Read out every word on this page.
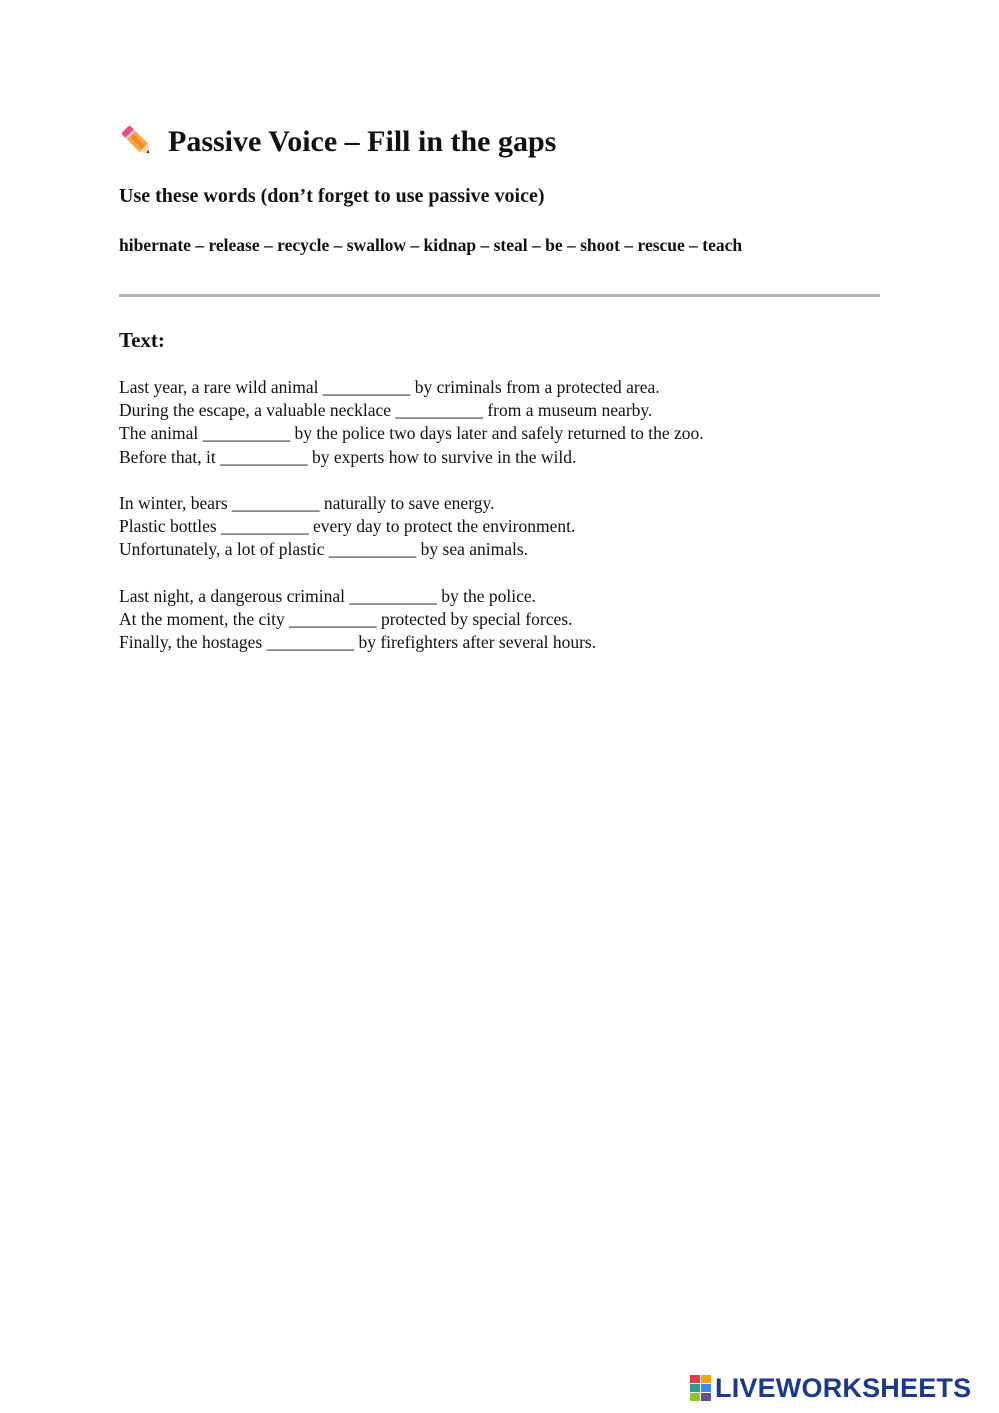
Passive Voice – Fill in the gaps
Use these words (don’t forget to use passive voice)
hibernate – release – recycle – swallow – kidnap – steal – be – shoot – rescue – teach
Text:
Last year, a rare wild animal __________ by criminals from a protected area.
During the escape, a valuable necklace __________ from a museum nearby.
The animal __________ by the police two days later and safely returned to the zoo.
Before that, it __________ by experts how to survive in the wild.
In winter, bears __________ naturally to save energy.
Plastic bottles __________ every day to protect the environment.
Unfortunately, a lot of plastic __________ by sea animals.
Last night, a dangerous criminal __________ by the police.
At the moment, the city __________ protected by special forces.
Finally, the hostages __________ by firefighters after several hours.
LIVEWORKSHEETS
